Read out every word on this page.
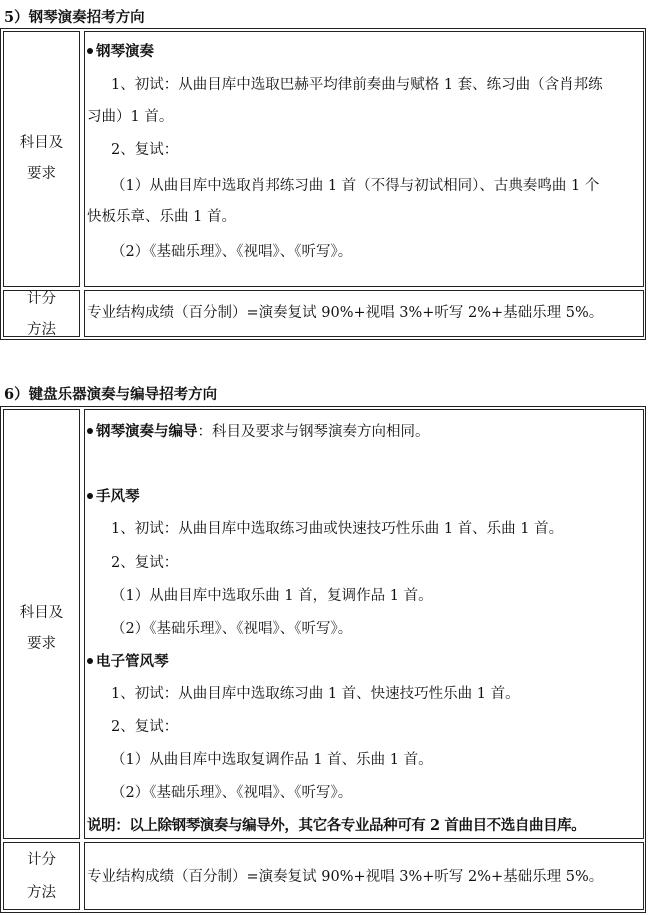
5）钢琴演奏招考方向
科目及
要求
钢琴演奏
1、初试：从曲目库中选取巴赫平均律前奏曲与赋格 1 套、练习曲（含肖邦练
习曲）1 首。
2、复试：
（1）从曲目库中选取肖邦练习曲 1 首（不得与初试相同）、古典奏鸣曲 1 个
快板乐章、乐曲 1 首。
（2）《基础乐理》、《视唱》、《听写》。
计分
方法
专业结构成绩（百分制）=演奏复试 90%+视唱 3%+听写 2%+基础乐理 5%。
6）键盘乐器演奏与编导招考方向
科目及
要求
钢琴演奏与编导：科目及要求与钢琴演奏方向相同。
手风琴
1、初试：从曲目库中选取练习曲或快速技巧性乐曲 1 首、乐曲 1 首。
2、复试：
（1）从曲目库中选取乐曲 1 首，复调作品 1 首。
（2）《基础乐理》、《视唱》、《听写》。
电子管风琴
1、初试：从曲目库中选取练习曲 1 首、快速技巧性乐曲 1 首。
2、复试：
（1）从曲目库中选取复调作品 1 首、乐曲 1 首。
（2）《基础乐理》、《视唱》、《听写》。
说明：以上除钢琴演奏与编导外，其它各专业品种可有 2 首曲目不选自曲目库。
计分
方法
专业结构成绩（百分制）=演奏复试 90%+视唱 3%+听写 2%+基础乐理 5%。
